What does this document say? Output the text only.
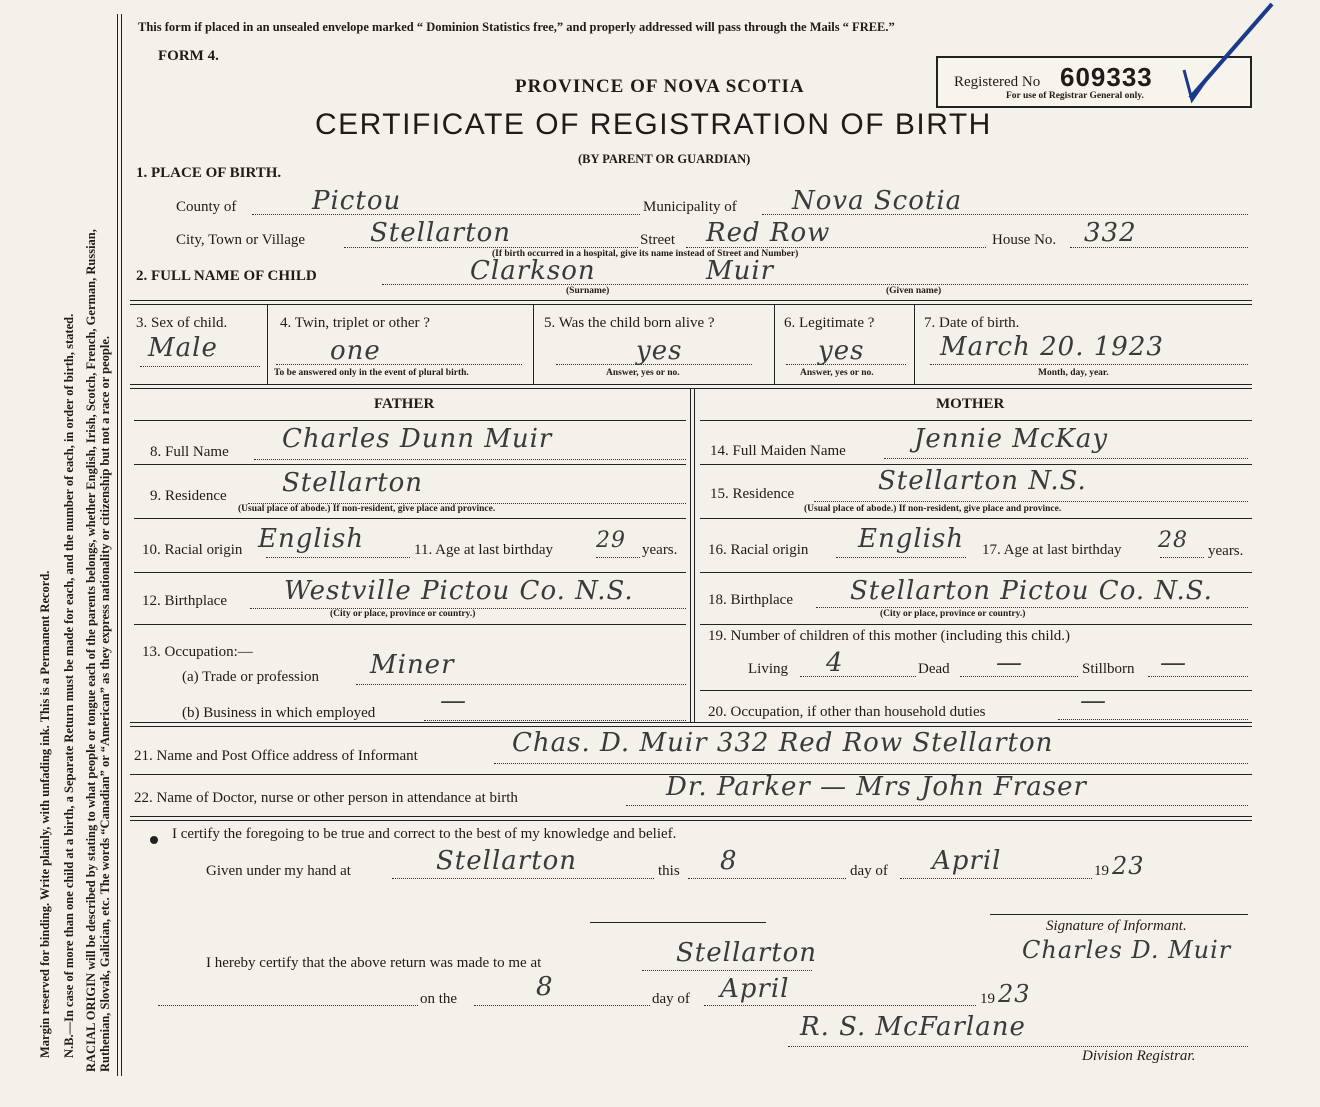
Margin reserved for binding. Write plainly, with unfading ink. This is a Permanent Record. N.B.—In case of more than one child at a birth, a Separate Return must be made for each, and the number of each, in order of birth, stated. RACIAL ORIGIN will be described by stating to what people or tongue each of the parents belongs, whether English, Irish, Scotch, French, German, Russian, Ruthenian, Slovak, Galician, etc. The words “Canadian” or “American” as they express nationality or citizenship but not a race or people.
This form if placed in an unsealed envelope marked “ Dominion Statistics free,” and properly addressed will pass through the Mails “ FREE.”
FORM 4.
PROVINCE OF NOVA SCOTIA
CERTIFICATE OF REGISTRATION OF BIRTH
(BY PARENT OR GUARDIAN)
Registered No 609333
For use of Registrar General only.
1. PLACE OF BIRTH.
County of	Pictou	Municipality of Nova Scotia
City, Town or Village Stellarton	Street Red Row	House No. 332
(If birth occurred in a hospital, give its name instead of Street and Number)
2. FULL NAME OF CHILD	Clarkson	Muir
(Surname)	(Given name)
3. Sex of child.
Male
4. Twin, triplet or other ?
one
To be answered only in the event of plural birth.
5. Was the child born alive ?
yes
Answer, yes or no.
6. Legitimate ?
yes
Answer, yes or no.
7. Date of birth.
March 20. 1923
Month, day, year.
FATHER	MOTHER
8. Full Name Charles Dunn Muir	14. Full Maiden Name	Jennie McKay
9. Residence Stellarton
(Usual place of abode.) If non-resident, give place and province.
15. Residence	Stellarton N.S.
(Usual place of abode.) If non-resident, give place and province.
10. Racial origin English	11. Age at last birthday 29 years. 16. Racial origin English 17. Age at last birthday 28 years.
12. Birthplace Westville Pictou Co. N.S.
(City or place, province or country.)
18. Birthplace Stellarton Pictou Co. N.S.
(City or place, province or country.)
13. Occupation:—
(a) Trade or profession Miner
(b) Business in which employed —
19. Number of children of this mother (including this child.)
Living 4	Dead —	Stillborn —
20. Occupation, if other than household duties	—
21. Name and Post Office address of Informant	Chas. D. Muir 332 Red Row Stellarton
22. Name of Doctor, nurse or other person in attendance at birth	Dr. Parker — Mrs John Fraser
I certify the foregoing to be true and correct to the best of my knowledge and belief.
Given under my hand at	Stellarton	this 8	day of April	19 23
Signature of Informant.
I hereby certify that the above return was made to me at	Stellarton	Charles D. Muir
on the	8	day of April	19 23
R. S. McFarlane
Division Registrar.
